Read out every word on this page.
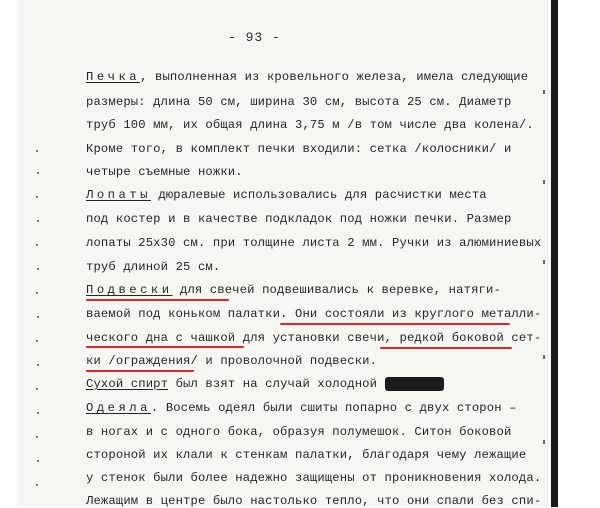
- 93 -
Печка, выполненная из кровельного железа, имела следующие
размеры: длина 50 см, ширина 30 см, высота 25 см. Диаметр
труб 100 мм, их общая длина 3,75 м /в том числе два колена/.
Кроме того, в комплект печки входили: сетка /колосники/ и
четыре съемные ножки.
Лопаты дюралевые использовались для расчистки места
под костер и в качестве подкладок под ножки печки. Размер
лопаты 25х30 см. при толщине листа 2 мм. Ручки из алюминиевых
труб длиной 25 см.
Подвески для свечей подвешивались к веревке, натяги-
ваемой под коньком палатки. Они состояли из круглого металли-
ческого дна с чашкой для установки свечи, редкой боковой сет-
ки /ограждения/ и проволочной подвески.
Сухой спирт был взят на случай холодной ночевки.
Одеяла. Восемь одеял были сшиты попарно с двух сторон –
в ногах и с одного бока, образуя полумешок. Ситон боковой
стороной их клали к стенкам палатки, благодаря чему лежащие
у стенок были более надежно защищены от проникновения холода.
Лежащим в центре было настолько тепло, что они спали без спи-
